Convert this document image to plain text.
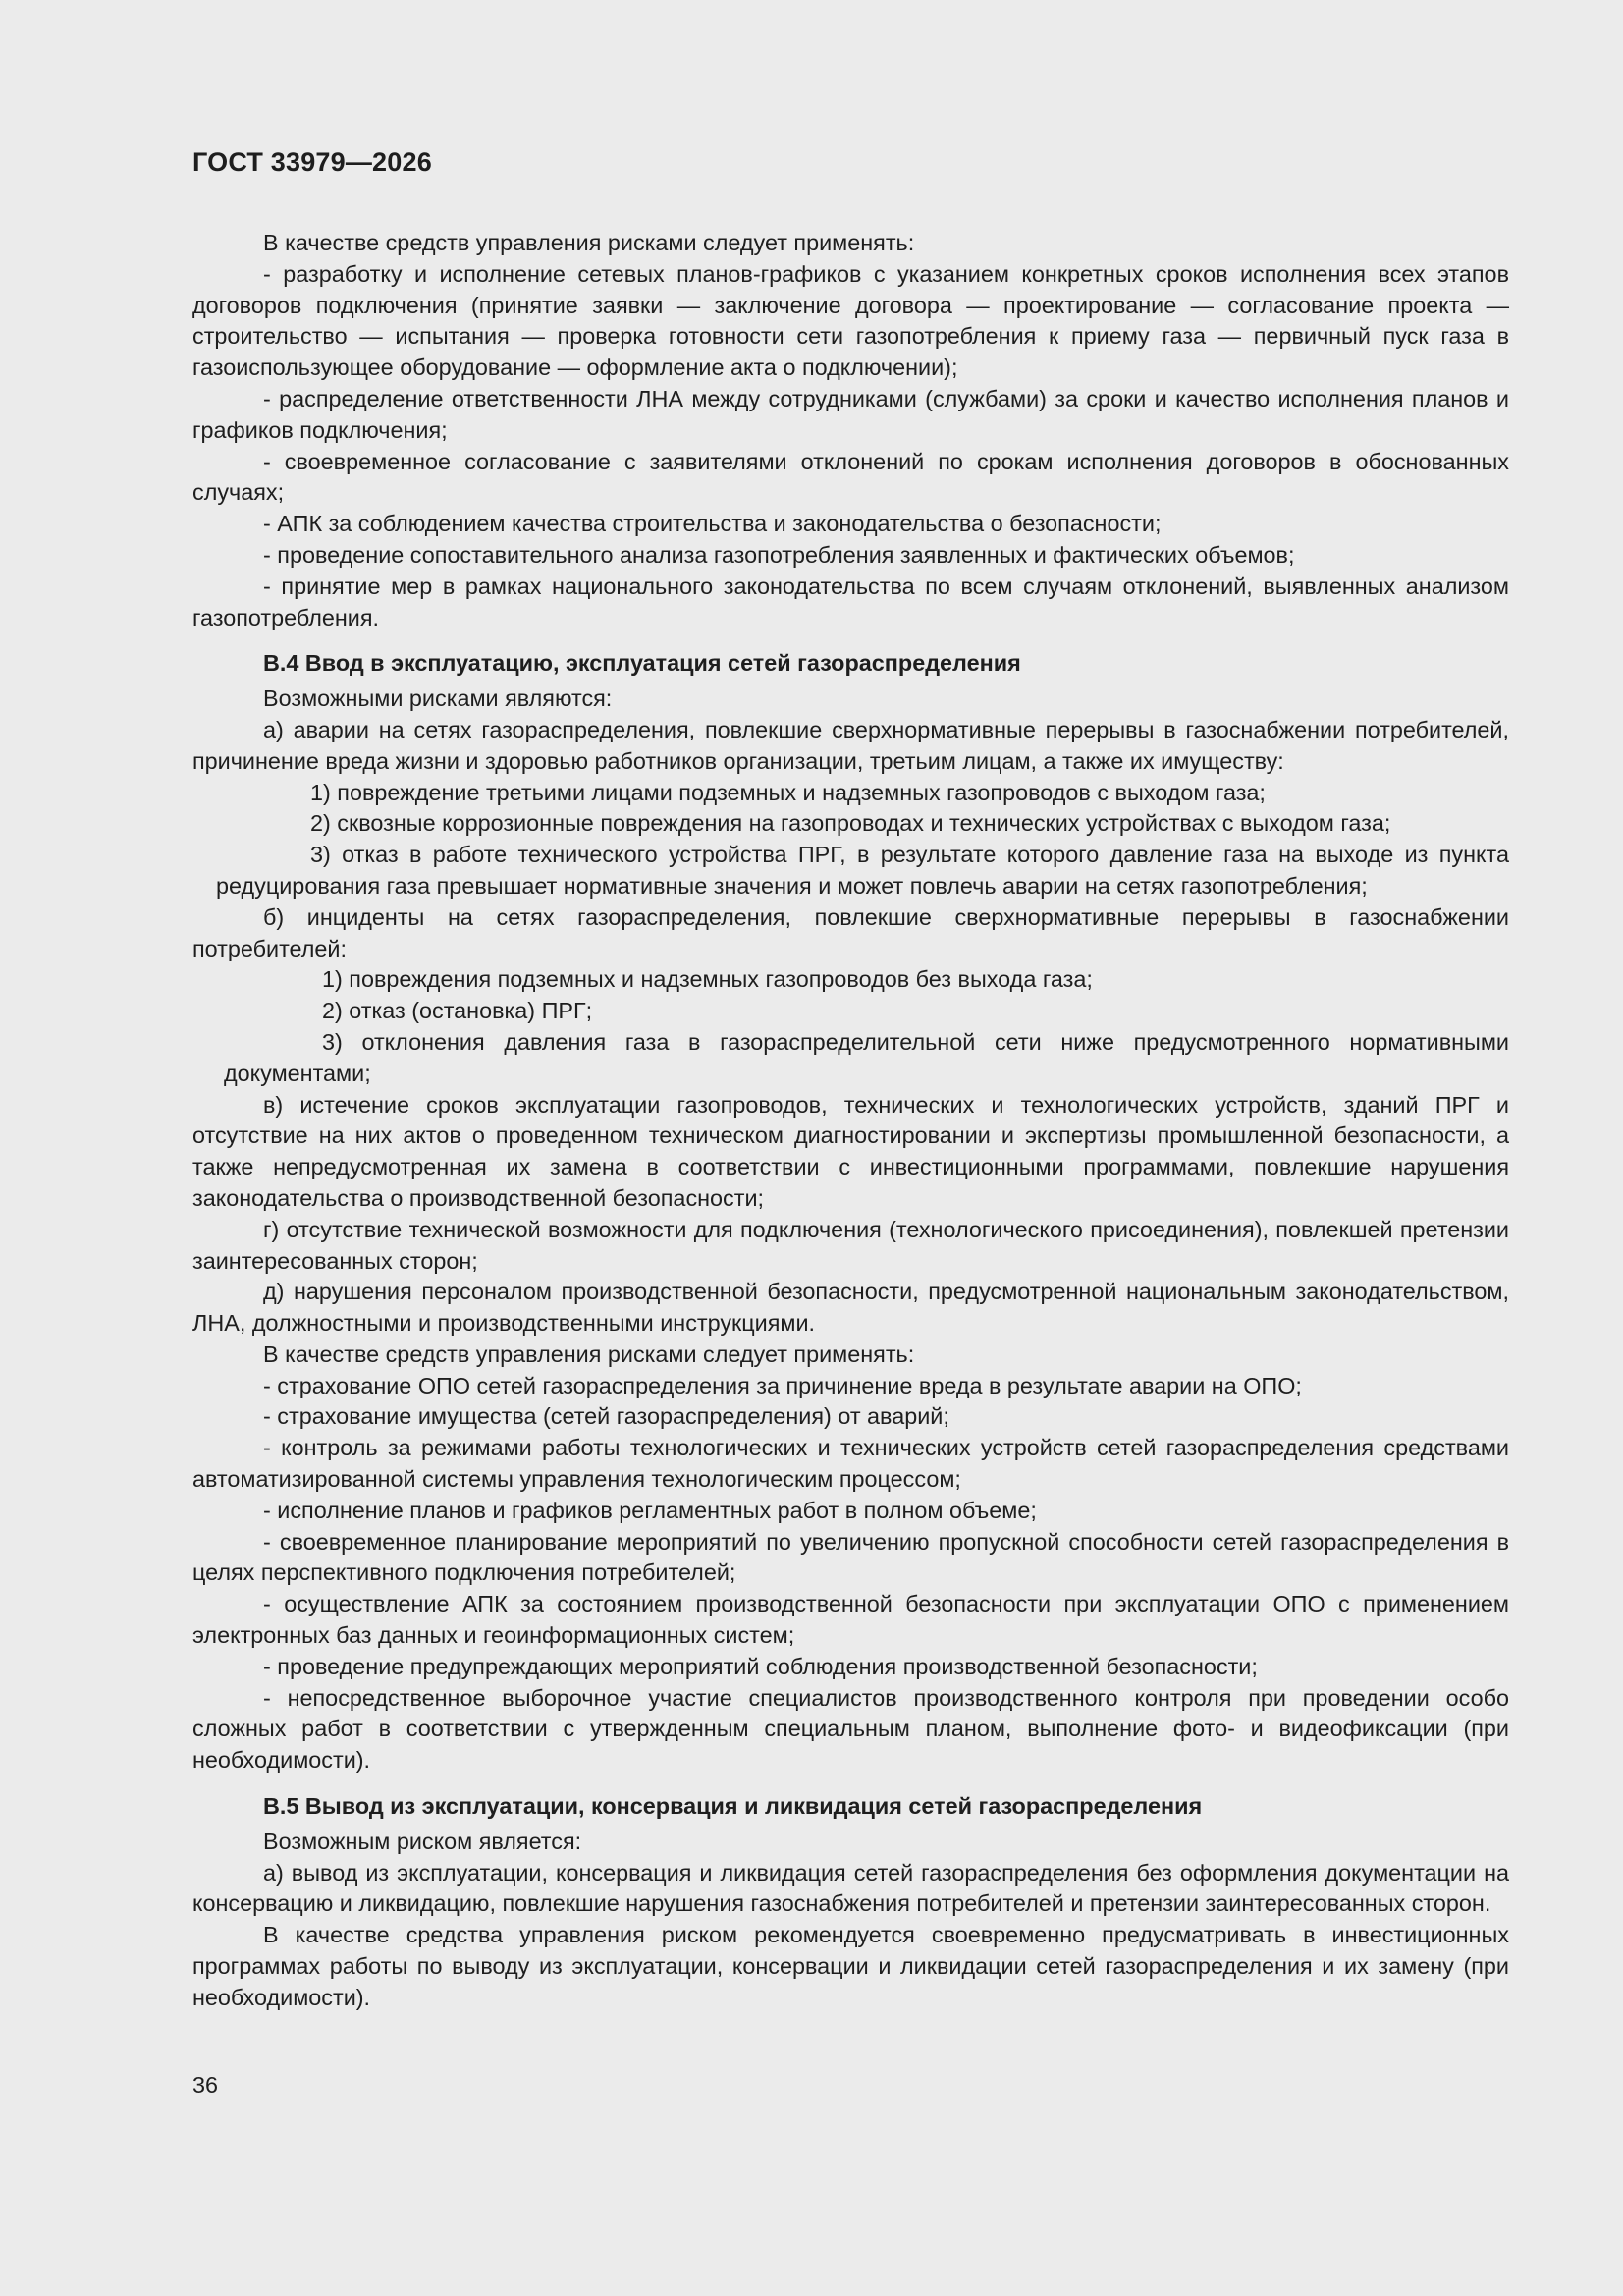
ГОСТ 33979—2026

В качестве средств управления рисками следует применять:

- разработку и исполнение сетевых планов-графиков с указанием конкретных сроков исполнения всех этапов договоров подключения (принятие заявки — заключение договора — проектирование — согласование проекта — строительство — испытания — проверка готовности сети газопотребления к приему газа — первичный пуск газа в газоиспользующее оборудование — оформление акта о подключении);

- распределение ответственности ЛНА между сотрудниками (службами) за сроки и качество исполнения планов и графиков подключения;

- своевременное согласование с заявителями отклонений по срокам исполнения договоров в обоснованных случаях;

- АПК за соблюдением качества строительства и законодательства о безопасности;

- проведение сопоставительного анализа газопотребления заявленных и фактических объемов;

- принятие мер в рамках национального законодательства по всем случаям отклонений, выявленных анализом газопотребления.

В.4 Ввод в эксплуатацию, эксплуатация сетей газораспределения

Возможными рисками являются:

а) аварии на сетях газораспределения, повлекшие сверхнормативные перерывы в газоснабжении потребителей, причинение вреда жизни и здоровью работников организации, третьим лицам, а также их имуществу:

1) повреждение третьими лицами подземных и надземных газопроводов с выходом газа;

2) сквозные коррозионные повреждения на газопроводах и технических устройствах с выходом газа;

3) отказ в работе технического устройства ПРГ, в результате которого давление газа на выходе из пункта редуцирования газа превышает нормативные значения и может повлечь аварии на сетях газопотребления;

б) инциденты на сетях газораспределения, повлекшие сверхнормативные перерывы в газоснабжении потребителей:

1) повреждения подземных и надземных газопроводов без выхода газа;

2) отказ (остановка) ПРГ;

3) отклонения давления газа в газораспределительной сети ниже предусмотренного нормативными документами;

в) истечение сроков эксплуатации газопроводов, технических и технологических устройств, зданий ПРГ и отсутствие на них актов о проведенном техническом диагностировании и экспертизы промышленной безопасности, а также непредусмотренная их замена в соответствии с инвестиционными программами, повлекшие нарушения законодательства о производственной безопасности;

г) отсутствие технической возможности для подключения (технологического присоединения), повлекшей претензии заинтересованных сторон;

д) нарушения персоналом производственной безопасности, предусмотренной национальным законодательством, ЛНА, должностными и производственными инструкциями.

В качестве средств управления рисками следует применять:

- страхование ОПО сетей газораспределения за причинение вреда в результате аварии на ОПО;

- страхование имущества (сетей газораспределения) от аварий;

- контроль за режимами работы технологических и технических устройств сетей газораспределения средствами автоматизированной системы управления технологическим процессом;

- исполнение планов и графиков регламентных работ в полном объеме;

- своевременное планирование мероприятий по увеличению пропускной способности сетей газораспределения в целях перспективного подключения потребителей;

- осуществление АПК за состоянием производственной безопасности при эксплуатации ОПО с применением электронных баз данных и геоинформационных систем;

- проведение предупреждающих мероприятий соблюдения производственной безопасности;

- непосредственное выборочное участие специалистов производственного контроля при проведении особо сложных работ в соответствии с утвержденным специальным планом, выполнение фото- и видеофиксации (при необходимости).

В.5 Вывод из эксплуатации, консервация и ликвидация сетей газораспределения

Возможным риском является:

а) вывод из эксплуатации, консервация и ликвидация сетей газораспределения без оформления документации на консервацию и ликвидацию, повлекшие нарушения газоснабжения потребителей и претензии заинтересованных сторон.

В качестве средства управления риском рекомендуется своевременно предусматривать в инвестиционных программах работы по выводу из эксплуатации, консервации и ликвидации сетей газораспределения и их замену (при необходимости).

36
